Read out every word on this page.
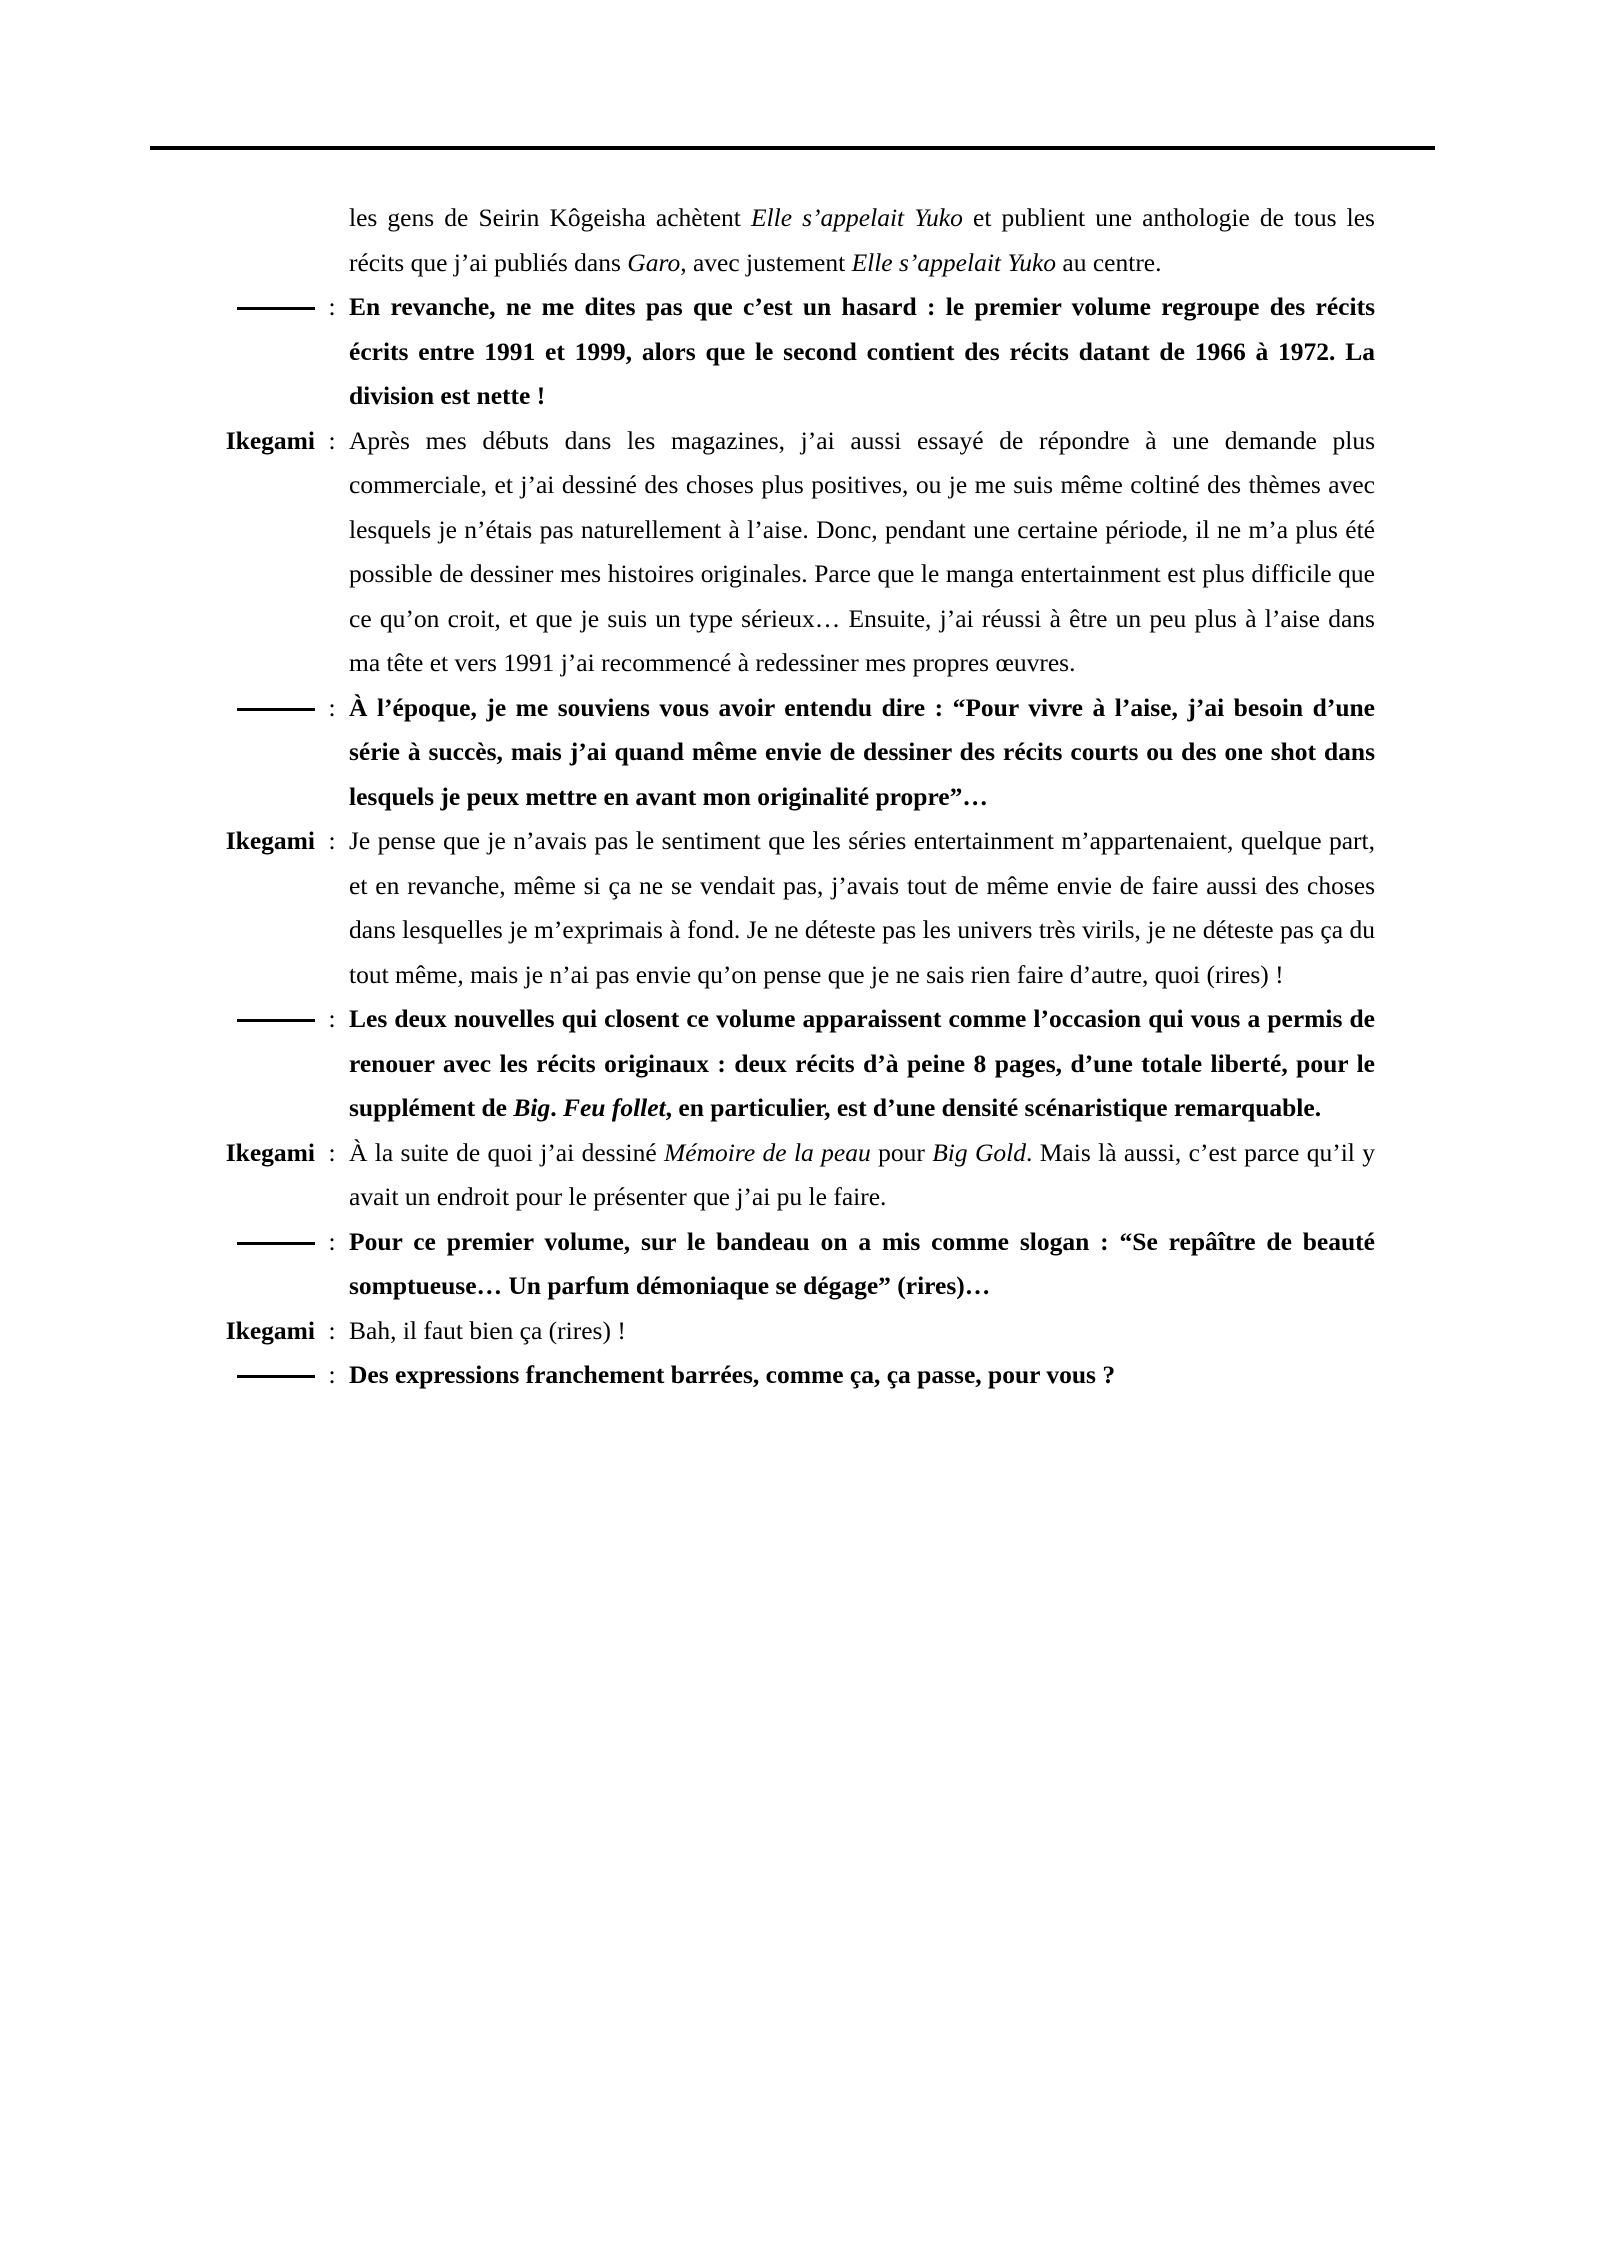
les gens de Seirin Kôgeisha achètent Elle s’appelait Yuko et publient une anthologie de tous les récits que j’ai publiés dans Garo, avec justement Elle s’appelait Yuko au centre.
: En revanche, ne me dites pas que c’est un hasard : le premier volume regroupe des récits écrits entre 1991 et 1999, alors que le second contient des récits datant de 1966 à 1972. La division est nette !
Ikegami : Après mes débuts dans les magazines, j’ai aussi essayé de répondre à une demande plus commerciale, et j’ai dessiné des choses plus positives, ou je me suis même coltiné des thèmes avec lesquels je n’étais pas naturellement à l’aise. Donc, pendant une certaine période, il ne m’a plus été possible de dessiner mes histoires originales. Parce que le manga entertainment est plus difficile que ce qu’on croit, et que je suis un type sérieux… Ensuite, j’ai réussi à être un peu plus à l’aise dans ma tête et vers 1991 j’ai recommencé à redessiner mes propres œuvres.
: À l’époque, je me souviens vous avoir entendu dire : “Pour vivre à l’aise, j’ai besoin d’une série à succès, mais j’ai quand même envie de dessiner des récits courts ou des one shot dans lesquels je peux mettre en avant mon originalité propre”…
Ikegami : Je pense que je n’avais pas le sentiment que les séries entertainment m’appartenaient, quelque part, et en revanche, même si ça ne se vendait pas, j’avais tout de même envie de faire aussi des choses dans lesquelles je m’exprimais à fond. Je ne déteste pas les univers très virils, je ne déteste pas ça du tout même, mais je n’ai pas envie qu’on pense que je ne sais rien faire d’autre, quoi (rires) !
: Les deux nouvelles qui closent ce volume apparaissent comme l’occasion qui vous a permis de renouer avec les récits originaux : deux récits d’à peine 8 pages, d’une totale liberté, pour le supplément de Big. Feu follet, en particulier, est d’une densité scénaristique remarquable.
Ikegami : À la suite de quoi j’ai dessiné Mémoire de la peau pour Big Gold. Mais là aussi, c’est parce qu’il y avait un endroit pour le présenter que j’ai pu le faire.
: Pour ce premier volume, sur le bandeau on a mis comme slogan : “Se repâître de beauté somptueuse… Un parfum démoniaque se dégage” (rires)…
Ikegami : Bah, il faut bien ça (rires) !
: Des expressions franchement barrées, comme ça, ça passe, pour vous ?
